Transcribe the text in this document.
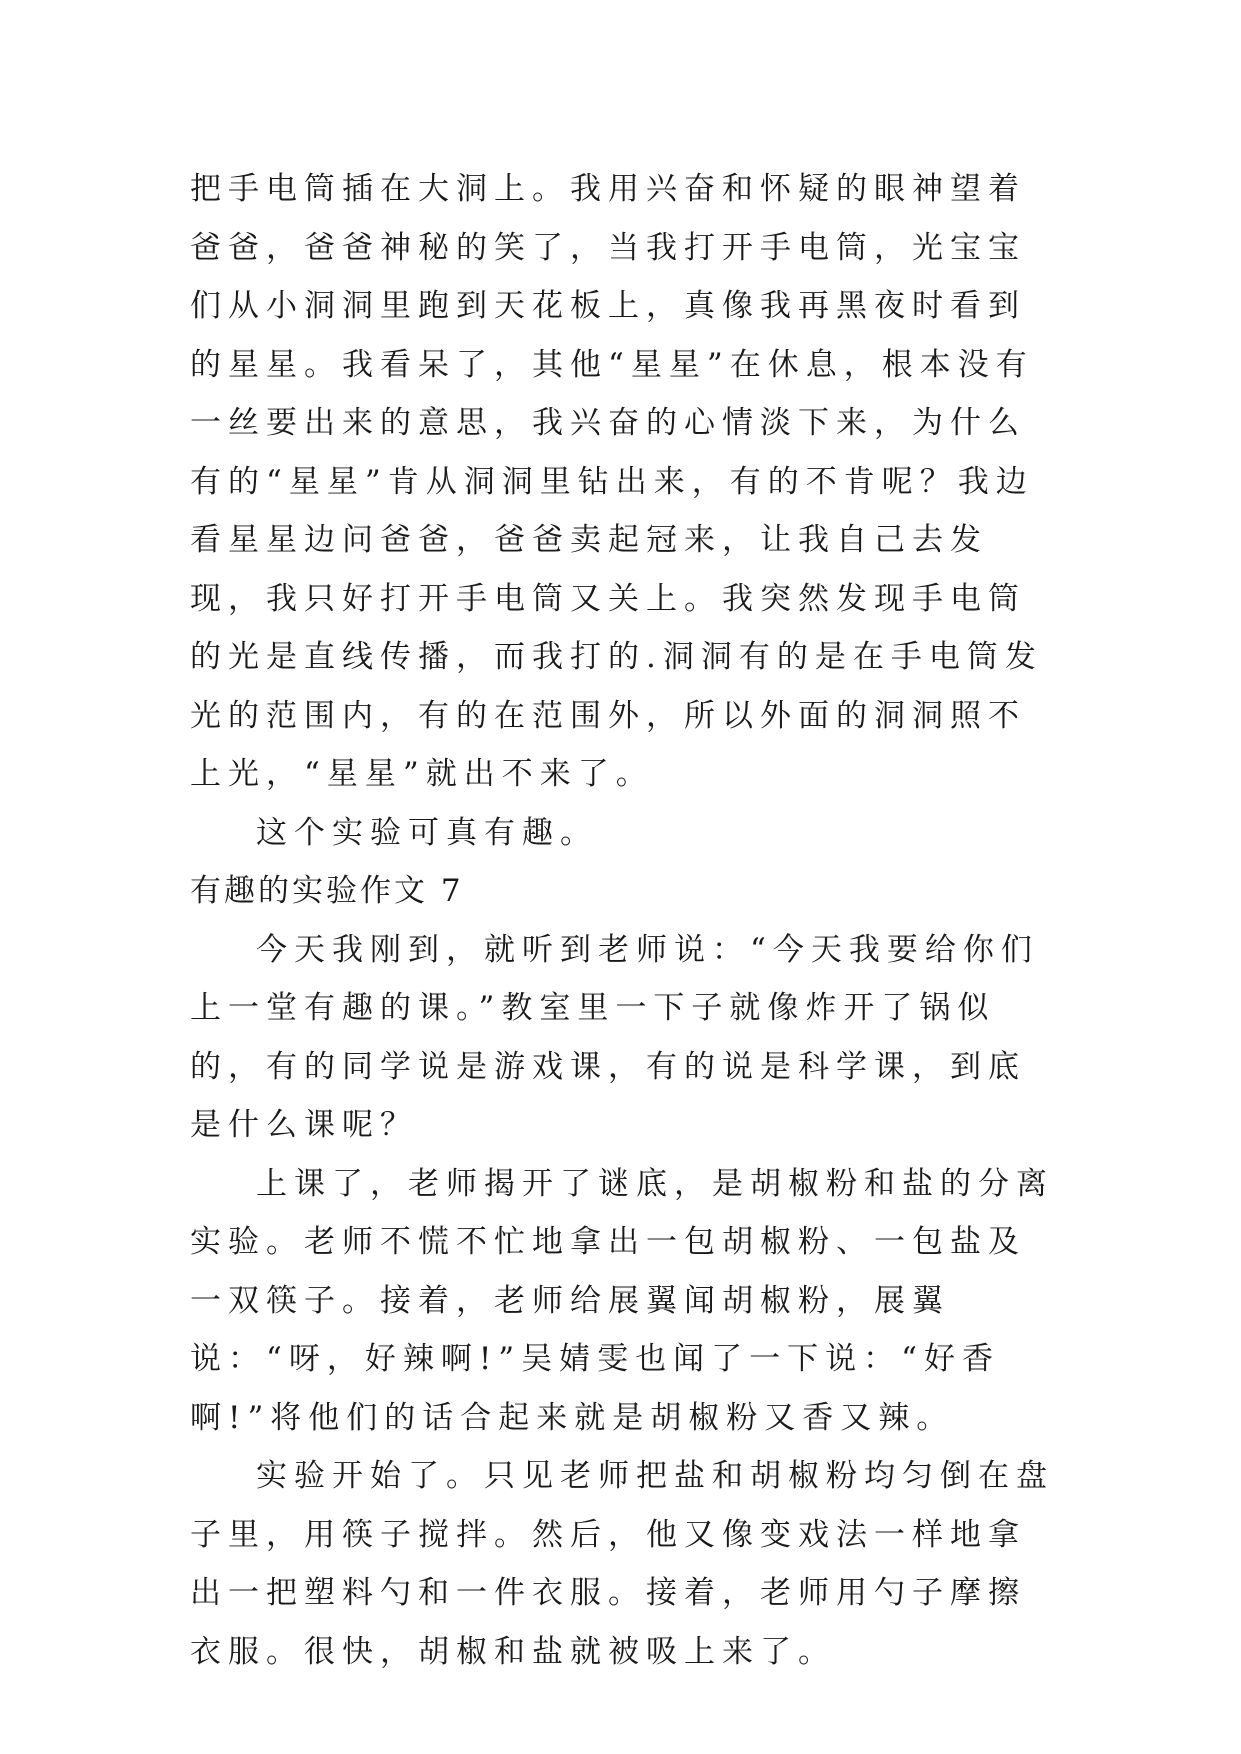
把手电筒插在大洞上。我用兴奋和怀疑的眼神望着爸爸，爸爸神秘的笑了，当我打开手电筒，光宝宝们从小洞洞里跑到天花板上，真像我再黑夜时看到的星星。我看呆了，其他“星星”在休息，根本没有一丝要出来的意思，我兴奋的心情淡下来，为什么有的“星星”肯从洞洞里钻出来，有的不肯呢？我边看星星边问爸爸，爸爸卖起冠来，让我自己去发现，我只好打开手电筒又关上。我突然发现手电筒的光是直线传播，而我打的.洞洞有的是在手电筒发光的范围内，有的在范围外，所以外面的洞洞照不上光，“星星”就出不来了。

这个实验可真有趣。

有趣的实验作文 7

今天我刚到，就听到老师说：“今天我要给你们上一堂有趣的课。”教室里一下子就像炸开了锅似的，有的同学说是游戏课，有的说是科学课，到底是什么课呢？

上课了，老师揭开了谜底，是胡椒粉和盐的分离实验。老师不慌不忙地拿出一包胡椒粉、一包盐及一双筷子。接着，老师给展翼闻胡椒粉，展翼说：“呀，好辣啊!”吴婧雯也闻了一下说：“好香啊!”将他们的话合起来就是胡椒粉又香又辣。

实验开始了。只见老师把盐和胡椒粉均匀倒在盘子里，用筷子搅拌。然后，他又像变戏法一样地拿出一把塑料勺和一件衣服。接着，老师用勺子摩擦衣服。很快，胡椒和盐就被吸上来了。
